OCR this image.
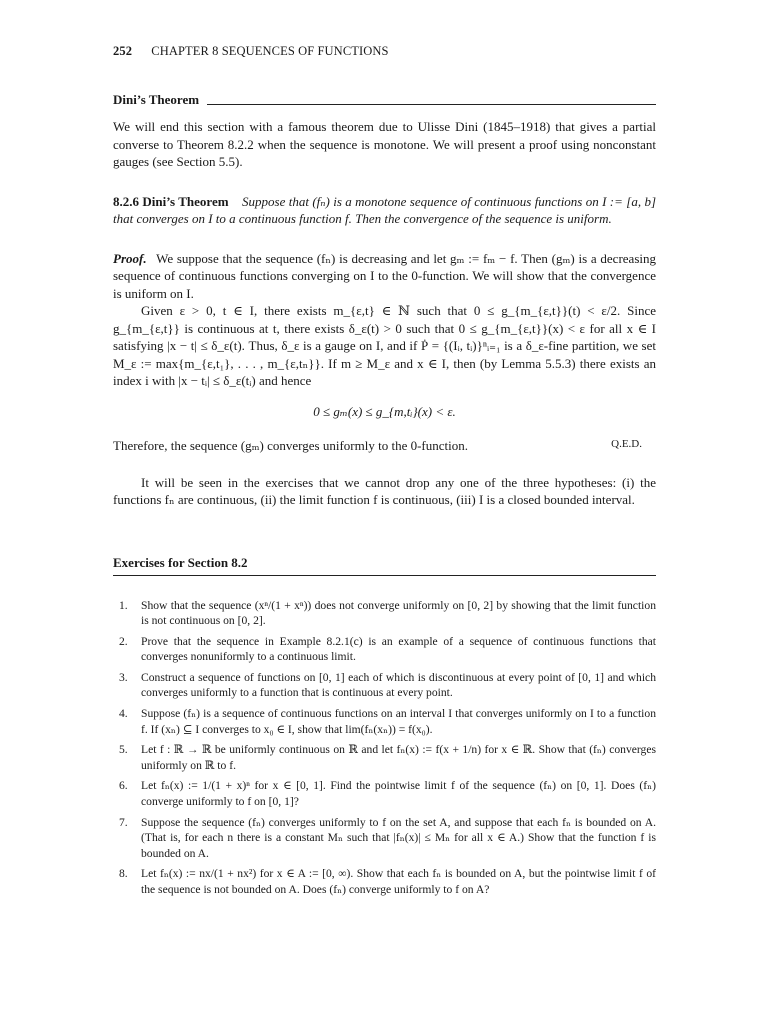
252 CHAPTER 8 SEQUENCES OF FUNCTIONS
Dini’s Theorem

We will end this section with a famous theorem due to Ulisse Dini (1845–1918) that gives a partial converse to Theorem 8.2.2 when the sequence is monotone. We will present a proof using nonconstant gauges (see Section 5.5).

8.2.6 Dini’s Theorem Suppose that (fₙ) is a monotone sequence of continuous functions on I := [a, b] that converges on I to a continuous function f. Then the convergence of the sequence is uniform.

Proof. We suppose that the sequence (fₙ) is decreasing and let gₘ := fₘ − f. Then (gₘ) is a decreasing sequence of continuous functions converging on I to the 0-function. We will show that the convergence is uniform on I.

Given ε > 0, t ∈ I, there exists m_{ε,t} ∈ ℕ such that 0 ≤ g_{m_{ε,t}}(t) < ε/2. Since g_{m_{ε,t}} is continuous at t, there exists δ_ε(t) > 0 such that 0 ≤ g_{m_{ε,t}}(x) < ε for all x ∈ I satisfying |x − t| ≤ δ_ε(t). Thus, δ_ε is a gauge on I, and if Ṗ = {(Iᵢ, tᵢ)}ⁿᵢ₌₁ is a δ_ε-fine partition, we set M_ε := max{m_{ε,t₁}, . . . , m_{ε,tₙ}}. If m ≥ M_ε and x ∈ I, then (by Lemma 5.5.3) there exists an index i with |x − tᵢ| ≤ δ_ε(tᵢ) and hence

0 ≤ gₘ(x) ≤ g_{m,tᵢ}(x) < ε.
Therefore, the sequence (gₘ) converges uniformly to the 0-function.	Q.E.D.

It will be seen in the exercises that we cannot drop any one of the three hypotheses: (i) the functions fₙ are continuous, (ii) the limit function f is continuous, (iii) I is a closed bounded interval.

Exercises for Section 8.2
1.	Show that the sequence (xⁿ/(1 + xⁿ)) does not converge uniformly on [0, 2] by showing that the limit function is not continuous on [0, 2].
2.	Prove that the sequence in Example 8.2.1(c) is an example of a sequence of continuous functions that converges nonuniformly to a continuous limit.
3.	Construct a sequence of functions on [0, 1] each of which is discontinuous at every point of [0, 1] and which converges uniformly to a function that is continuous at every point.
4.	Suppose (fₙ) is a sequence of continuous functions on an interval I that converges uniformly on I to a function f. If (xₙ) ⊆ I converges to x₀ ∈ I, show that lim(fₙ(xₙ)) = f(x₀).
5.	Let f : ℝ → ℝ be uniformly continuous on ℝ and let fₙ(x) := f(x + 1/n) for x ∈ ℝ. Show that (fₙ) converges uniformly on ℝ to f.
6.	Let fₙ(x) := 1/(1 + x)ⁿ for x ∈ [0, 1]. Find the pointwise limit f of the sequence (fₙ) on [0, 1]. Does (fₙ) converge uniformly to f on [0, 1]?
7.	Suppose the sequence (fₙ) converges uniformly to f on the set A, and suppose that each fₙ is bounded on A. (That is, for each n there is a constant Mₙ such that |fₙ(x)| ≤ Mₙ for all x ∈ A.) Show that the function f is bounded on A.
8.	Let fₙ(x) := nx/(1 + nx²) for x ∈ A := [0, ∞). Show that each fₙ is bounded on A, but the pointwise limit f of the sequence is not bounded on A. Does (fₙ) converge uniformly to f on A?
